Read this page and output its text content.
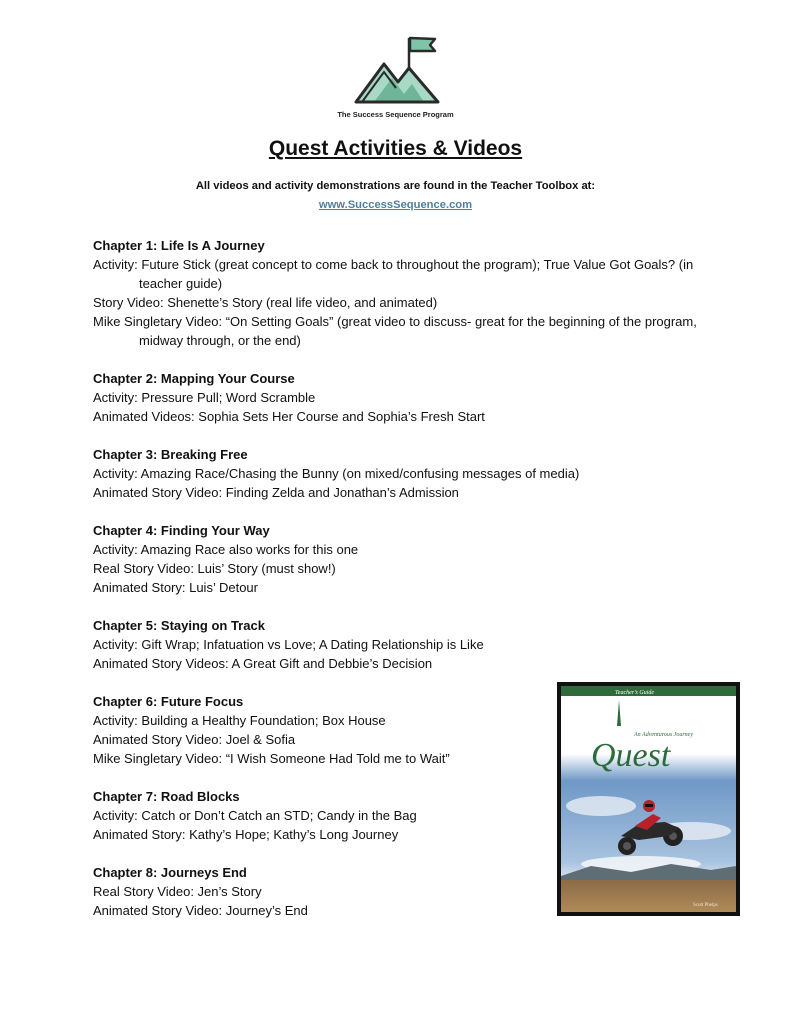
The Success Sequence Program
Quest Activities & Videos
All videos and activity demonstrations are found in the Teacher Toolbox at:
www.SuccessSequence.com
Chapter 1: Life Is A Journey

Activity: Future Stick (great concept to come back to throughout the program); True Value Got Goals? (in teacher guide)

Story Video: Shenette’s Story (real life video, and animated)

Mike Singletary Video: “On Setting Goals” (great video to discuss- great for the beginning of the program, midway through, or the end)

Chapter 2: Mapping Your Course

Activity: Pressure Pull; Word Scramble

Animated Videos: Sophia Sets Her Course and Sophia’s Fresh Start

Chapter 3: Breaking Free

Activity: Amazing Race/Chasing the Bunny (on mixed/confusing messages of media)

Animated Story Video: Finding Zelda and Jonathan’s Admission

Chapter 4: Finding Your Way

Activity: Amazing Race also works for this one

Real Story Video: Luis’ Story (must show!)

Animated Story: Luis’ Detour

Chapter 5: Staying on Track

Activity: Gift Wrap; Infatuation vs Love; A Dating Relationship is Like

Animated Story Videos: A Great Gift and Debbie’s Decision

Chapter 6: Future Focus

Activity: Building a Healthy Foundation; Box House

Animated Story Video: Joel & Sofia

Mike Singletary Video: “I Wish Someone Had Told me to Wait”

Chapter 7: Road Blocks

Activity: Catch or Don’t Catch an STD; Candy in the Bag

Animated Story: Kathy’s Hope; Kathy’s Long Journey

Chapter 8: Journeys End

Real Story Video: Jen’s Story

Animated Story Video: Journey’s End

Teacher’s Guide
An Adventurous Journey
Quest
Scott Phelps
